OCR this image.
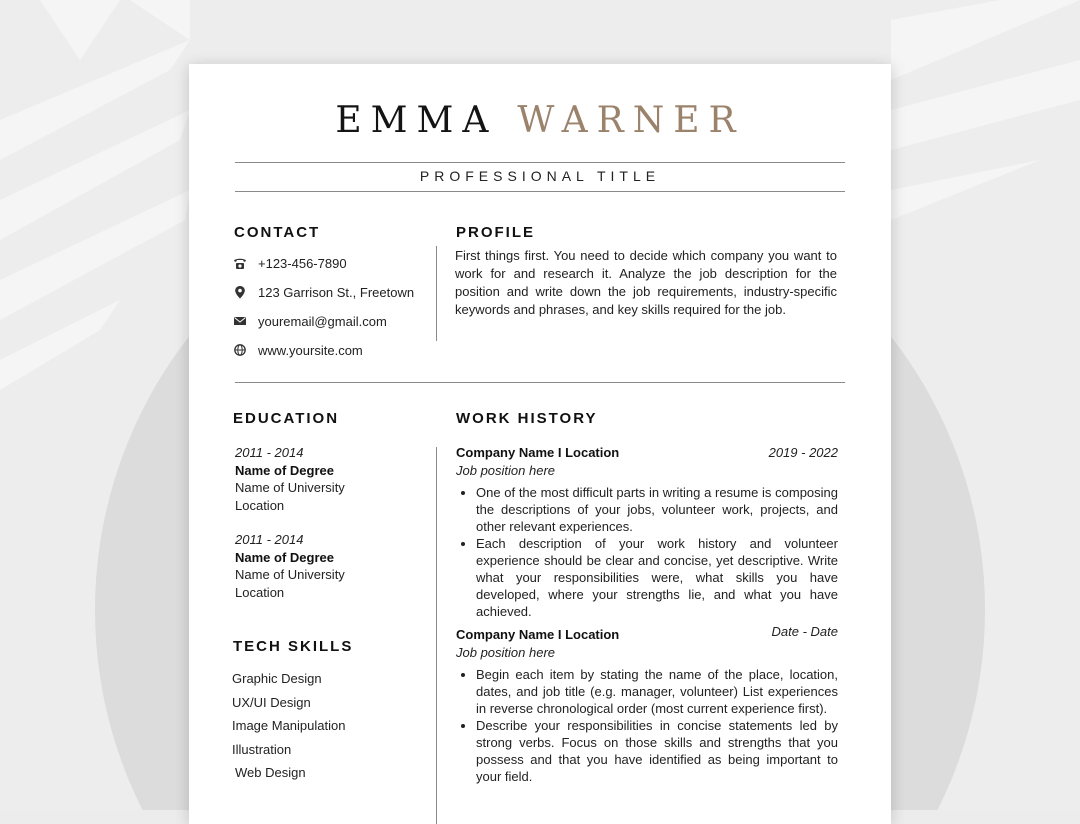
EMMA WARNER
PROFESSIONAL TITLE
CONTACT
+123-456-7890
123 Garrison St., Freetown
youremail@gmail.com
www.yoursite.com
PROFILE
First things first. You need to decide which company you want to work for and research it. Analyze the job description for the position and write down the job requirements, industry-specific keywords and phrases, and key skills required for the job.
EDUCATION
2011 - 2014
Name of Degree
Name of University
Location
2011 - 2014
Name of Degree
Name of University
Location
TECH SKILLS
Graphic Design
UX/UI Design
Image Manipulation
Illustration
Web Design
WORK HISTORY
Company Name I Location	2019 - 2022
Job position here
One of the most difficult parts in writing a resume is composing the descriptions of your jobs, volunteer work, projects, and other relevant experiences.
Each description of your work history and volunteer experience should be clear and concise, yet descriptive. Write what your responsibilities were, what skills you have developed, where your strengths lie, and what you have achieved.
Company Name I Location	Date - Date
Job position here
Begin each item by stating the name of the place, location, dates, and job title (e.g. manager, volunteer) List experiences in reverse chronological order (most current experience first).
Describe your responsibilities in concise statements led by strong verbs. Focus on those skills and strengths that you possess and that you have identified as being important to your field.
